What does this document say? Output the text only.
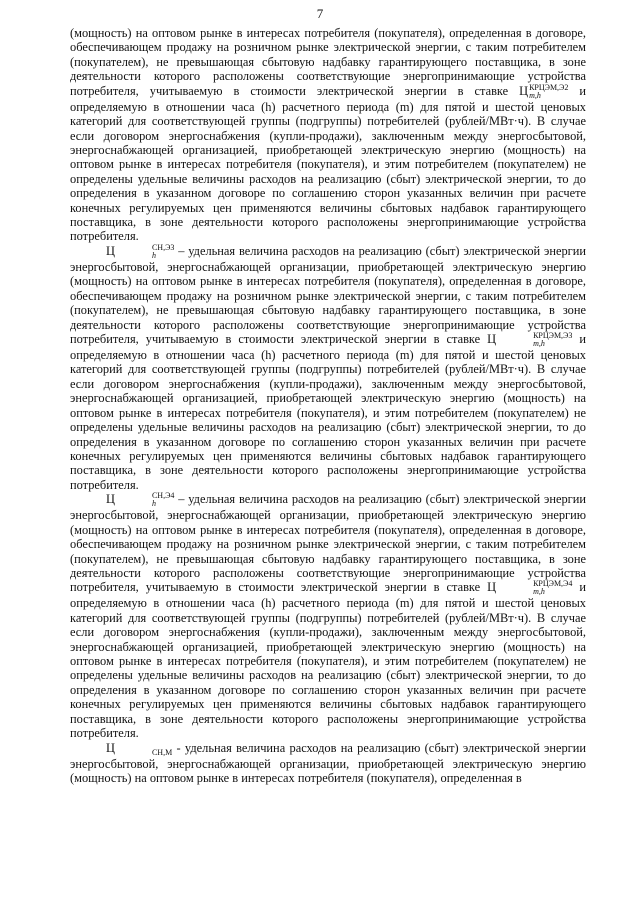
7

(мощность) на оптовом рынке в интересах потребителя (покупателя), определенная в договоре, обеспечивающем продажу на розничном рынке электрической энергии, с таким потребителем (покупателем), не превышающая сбытовую надбавку гарантирующего поставщика, в зоне деятельности которого расположены соответствующие энергопринимающие устройства потребителя, учитываемую в стоимости электрической энергии в ставке Ц КРЦЭМ,Э2
m,h	и определяемую в отношении часа (h) расчетного периода (m) для пятой и шестой ценовых категорий для соответствующей группы (подгруппы) потребителей (рублей/МВт·ч). В случае если договором энергоснабжения (купли-продажи), заключенным между энергосбытовой, энергоснабжающей организацией, приобретающей электрическую энергию (мощность) на оптовом рынке в интересах потребителя (покупателя), и этим потребителем (покупателем) не определены удельные величины расходов на реализацию (сбыт) электрической энергии, то до определения в указанном договоре по соглашению сторон указанных величин при расчете конечных регулируемых цен применяются величины сбытовых надбавок гарантирующего поставщика, в зоне деятельности которого расположены энергопринимающие устройства потребителя.

Ц	СН,Э3
h	– удельная величина расходов на реализацию (сбыт) электрической энергии энергосбытовой, энергоснабжающей организации, приобретающей электрическую энергию (мощность) на оптовом рынке в интересах потребителя (покупателя), определенная в договоре, обеспечивающем продажу на розничном рынке электрической энергии, с таким потребителем (покупателем), не превышающая сбытовую надбавку гарантирующего поставщика, в зоне деятельности которого расположены соответствующие энергопринимающие устройства потребителя, учитываемую в стоимости электрической энергии в ставке Ц	КРЦЭМ,Э3
m,h	и определяемую в отношении часа (h) расчетного периода (m) для пятой и шестой ценовых категорий для соответствующей группы (подгруппы) потребителей (рублей/МВт·ч). В случае если договором энергоснабжения (купли-продажи), заключенным между энергосбытовой, энергоснабжающей организацией, приобретающей электрическую энергию (мощность) на оптовом рынке в интересах потребителя (покупателя), и этим потребителем (покупателем) не определены удельные величины расходов на реализацию (сбыт) электрической энергии, то до определения в указанном договоре по соглашению сторон указанных величин при расчете конечных регулируемых цен применяются величины сбытовых надбавок гарантирующего поставщика, в зоне деятельности которого расположены энергопринимающие устройства потребителя.

Ц	СН,Э4
h	– удельная величина расходов на реализацию (сбыт) электрической энергии энергосбытовой, энергоснабжающей организации, приобретающей электрическую энергию (мощность) на оптовом рынке в интересах потребителя (покупателя), определенная в договоре, обеспечивающем продажу на розничном рынке электрической энергии, с таким потребителем (покупателем), не превышающая сбытовую надбавку гарантирующего поставщика, в зоне деятельности которого расположены соответствующие энергопринимающие устройства потребителя, учитываемую в стоимости электрической энергии в ставке Ц	КРЦЭМ,Э4
m,h	и определяемую в отношении часа (h) расчетного периода (m) для пятой и шестой ценовых категорий для соответствующей группы (подгруппы) потребителей (рублей/МВт·ч). В случае если договором энергоснабжения (купли-продажи), заключенным между энергосбытовой, энергоснабжающей организацией, приобретающей электрическую энергию (мощность) на оптовом рынке в интересах потребителя (покупателя), и этим потребителем (покупателем) не определены удельные величины расходов на реализацию (сбыт) электрической энергии, то до определения в указанном договоре по соглашению сторон указанных величин при расчете конечных регулируемых цен применяются величины сбытовых надбавок гарантирующего поставщика, в зоне деятельности которого расположены энергопринимающие устройства потребителя.

Ц	СН,М - удельная величина расходов на реализацию (сбыт) электрической энергии энергосбытовой, энергоснабжающей организации, приобретающей электрическую энергию (мощность) на оптовом рынке в интересах потребителя (покупателя), определенная в
